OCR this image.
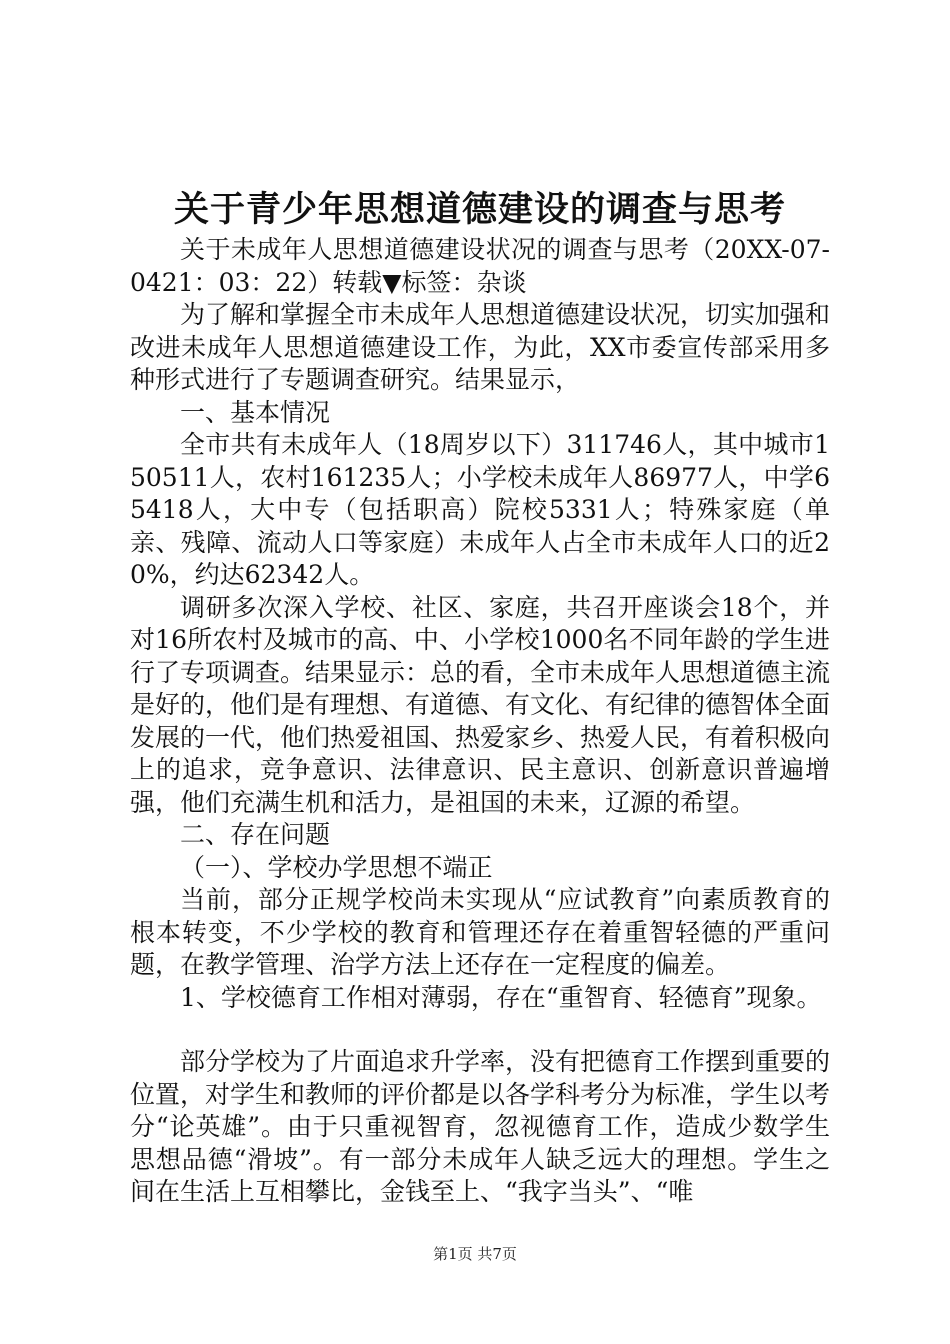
关于青少年思想道德建设的调查与思考

关于未成年人思想道德建设状况的调查与思考（20XX-07-0421：03：22）转载▼标签：杂谈

为了解和掌握全市未成年人思想道德建设状况，切实加强和改进未成年人思想道德建设工作，为此，XX市委宣传部采用多种形式进行了专题调查研究。结果显示，

一、基本情况

全市共有未成年人（18周岁以下）311746人，其中城市150511人，农村161235人；小学校未成年人86977人，中学65418人，大中专（包括职高）院校5331人；特殊家庭（单亲、残障、流动人口等家庭）未成年人占全市未成年人口的近20%，约达62342人。

调研多次深入学校、社区、家庭，共召开座谈会18个，并对16所农村及城市的高、中、小学校1000名不同年龄的学生进行了专项调查。结果显示：总的看，全市未成年人思想道德主流是好的，他们是有理想、有道德、有文化、有纪律的德智体全面发展的一代，他们热爱祖国、热爱家乡、热爱人民，有着积极向上的追求，竞争意识、法律意识、民主意识、创新意识普遍增强，他们充满生机和活力，是祖国的未来，辽源的希望。

二、存在问题

（一）、学校办学思想不端正

当前，部分正规学校尚未实现从“应试教育”向素质教育的根本转变，不少学校的教育和管理还存在着重智轻德的严重问题，在教学管理、治学方法上还存在一定程度的偏差。

1、学校德育工作相对薄弱，存在“重智育、轻德育”现象。

部分学校为了片面追求升学率，没有把德育工作摆到重要的位置，对学生和教师的评价都是以各学科考分为标准，学生以考分“论英雄”。由于只重视智育，忽视德育工作，造成少数学生思想品德“滑坡”。有一部分未成年人缺乏远大的理想。学生之间在生活上互相攀比，金钱至上、“我字当头”、“唯

第1页 共7页
